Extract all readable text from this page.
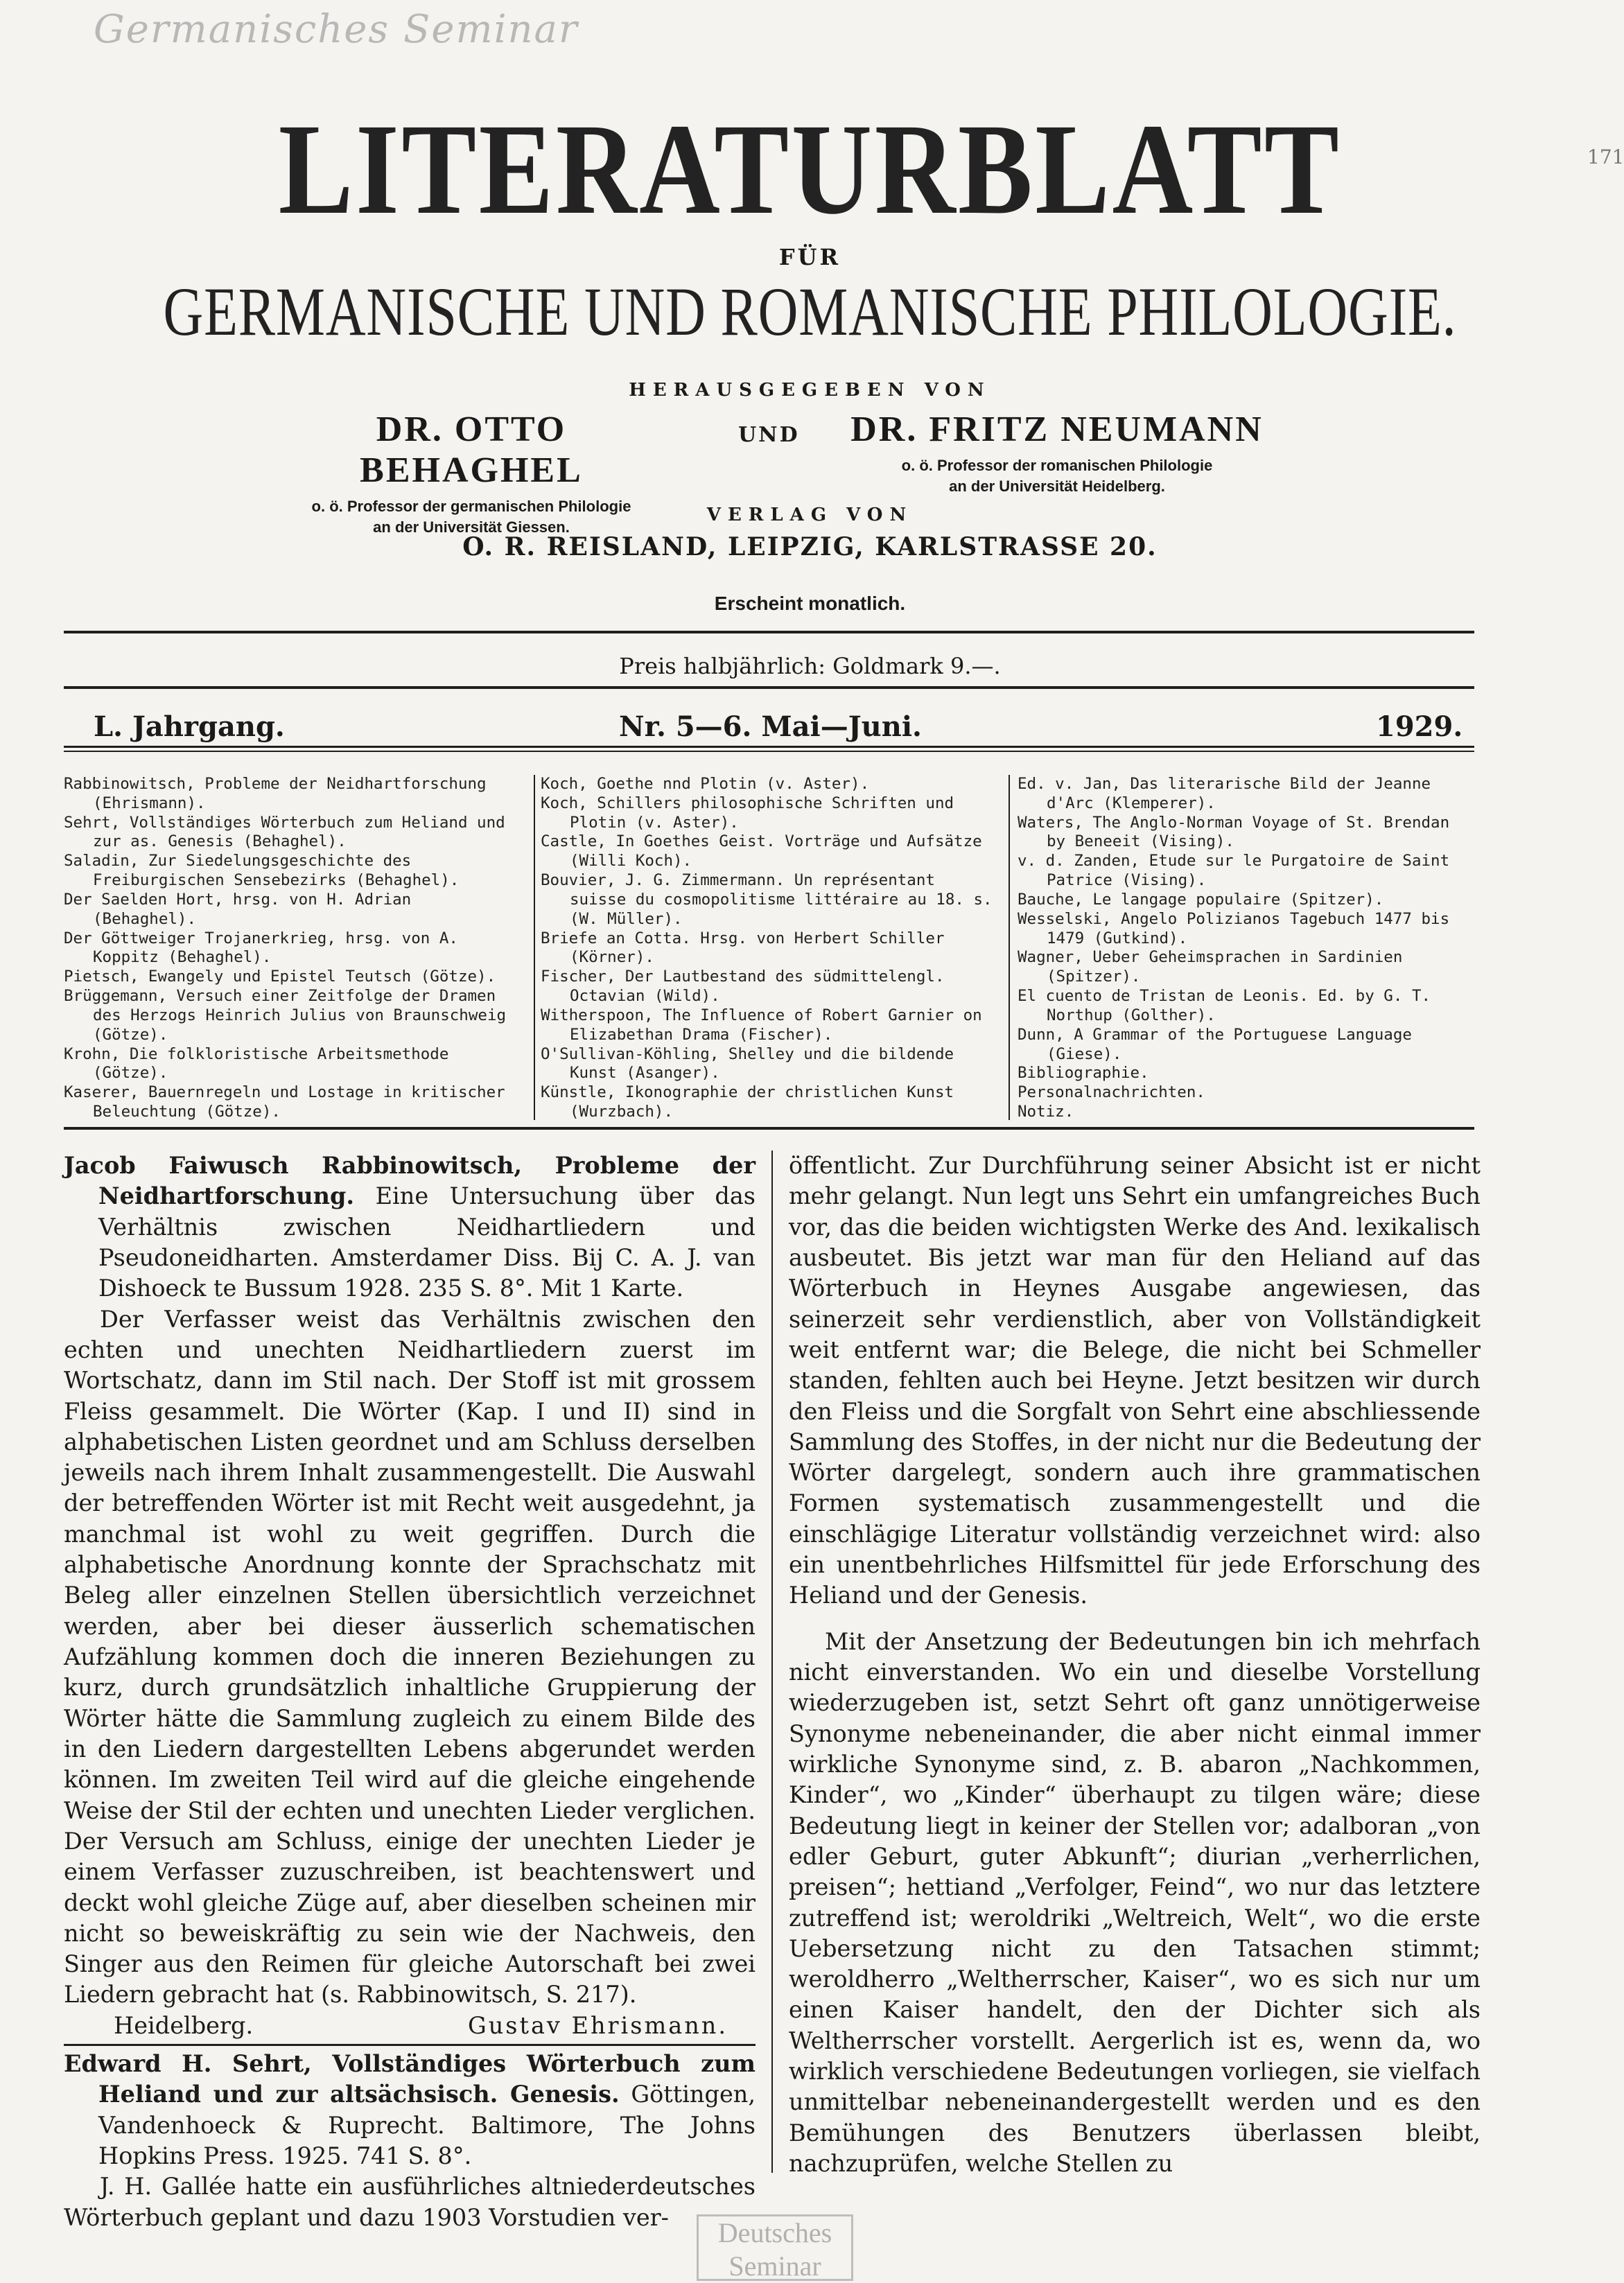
Germanisches Seminar
171
LITERATURBLATT
FÜR
GERMANISCHE UND ROMANISCHE PHILOLOGIE.
HERAUSGEGEBEN VON
DR. OTTO BEHAGHEL
o. ö. Professor der germanischen Philologie
an der Universität Giessen.
UND DR. FRITZ NEUMANN
o. ö. Professor der romanischen Philologie
an der Universität Heidelberg.
VERLAG VON
O. R. REISLAND, LEIPZIG, KARLSTRASSE 20.
Erscheint monatlich.
Preis halbjährlich: Goldmark 9.—.
L. Jahrgang.	Nr. 5—6. Mai—Juni.	1929.

Rabbinowitsch, Probleme der Neidhartforschung (Ehrismann).

Sehrt, Vollständiges Wörterbuch zum Heliand und zur as. Genesis (Behaghel).

Saladin, Zur Siedelungsgeschichte des Freiburgischen Sensebezirks (Behaghel).

Der Saelden Hort, hrsg. von H. Adrian (Behaghel).

Der Göttweiger Trojanerkrieg, hrsg. von A. Koppitz (Behaghel).

Pietsch, Ewangely und Epistel Teutsch (Götze).

Brüggemann, Versuch einer Zeitfolge der Dramen des Herzogs Heinrich Julius von Braunschweig (Götze).

Krohn, Die folkloristische Arbeitsmethode (Götze).

Kaserer, Bauernregeln und Lostage in kritischer Beleuchtung (Götze).

Koch, Goethe nnd Plotin (v. Aster).

Koch, Schillers philosophische Schriften und Plotin (v. Aster).

Castle, In Goethes Geist. Vorträge und Aufsätze (Willi Koch).

Bouvier, J. G. Zimmermann. Un représentant suisse du cosmopolitisme littéraire au 18. s. (W. Müller).

Briefe an Cotta. Hrsg. von Herbert Schiller (Körner).

Fischer, Der Lautbestand des südmittelengl. Octavian (Wild).

Witherspoon, The Influence of Robert Garnier on Elizabethan Drama (Fischer).

O'Sullivan-Köhling, Shelley und die bildende Kunst (Asanger).

Künstle, Ikonographie der christlichen Kunst (Wurzbach).

Ed. v. Jan, Das literarische Bild der Jeanne d'Arc (Klemperer).

Waters, The Anglo-Norman Voyage of St. Brendan by Beneeit (Vising).

v. d. Zanden, Etude sur le Purgatoire de Saint Patrice (Vising).

Bauche, Le langage populaire (Spitzer).

Wesselski, Angelo Polizianos Tagebuch 1477 bis 1479 (Gutkind).

Wagner, Ueber Geheimsprachen in Sardinien (Spitzer).

El cuento de Tristan de Leonis. Ed. by G. T. Northup (Golther).

Dunn, A Grammar of the Portuguese Language (Giese).

Bibliographie.

Personalnachrichten.

Notiz.

Jacob Faiwusch Rabbinowitsch, Probleme der Neidhartforschung. Eine Untersuchung über das Verhältnis zwischen Neidhartliedern und Pseudoneidharten. Amsterdamer Diss. Bij C. A. J. van Dishoeck te Bussum 1928. 235 S. 8°. Mit 1 Karte.

Der Verfasser weist das Verhältnis zwischen den echten und unechten Neidhartliedern zuerst im Wortschatz, dann im Stil nach. Der Stoff ist mit grossem Fleiss gesammelt. Die Wörter (Kap. I und II) sind in alphabetischen Listen geordnet und am Schluss derselben jeweils nach ihrem Inhalt zusammengestellt. Die Auswahl der betreffenden Wörter ist mit Recht weit ausgedehnt, ja manchmal ist wohl zu weit gegriffen. Durch die alphabetische Anordnung konnte der Sprachschatz mit Beleg aller einzelnen Stellen übersichtlich verzeichnet werden, aber bei dieser äusserlich schematischen Aufzählung kommen doch die inneren Beziehungen zu kurz, durch grundsätzlich inhaltliche Gruppierung der Wörter hätte die Sammlung zugleich zu einem Bilde des in den Liedern dargestellten Lebens abgerundet werden können. Im zweiten Teil wird auf die gleiche eingehende Weise der Stil der echten und unechten Lieder verglichen. Der Versuch am Schluss, einige der unechten Lieder je einem Verfasser zuzuschreiben, ist beachtenswert und deckt wohl gleiche Züge auf, aber dieselben scheinen mir nicht so beweiskräftig zu sein wie der Nachweis, den Singer aus den Reimen für gleiche Autorschaft bei zwei Liedern gebracht hat (s. Rabbinowitsch, S. 217).

Heidelberg.	Gustav Ehrismann.

Edward H. Sehrt, Vollständiges Wörterbuch zum Heliand und zur altsächsisch. Genesis. Göttingen, Vandenhoeck & Ruprecht. Baltimore, The Johns Hopkins Press. 1925. 741 S. 8°.

J. H. Gallée hatte ein ausführliches altniederdeutsches Wörterbuch geplant und dazu 1903 Vorstudien ver-

öffentlicht. Zur Durchführung seiner Absicht ist er nicht mehr gelangt. Nun legt uns Sehrt ein umfangreiches Buch vor, das die beiden wichtigsten Werke des And. lexikalisch ausbeutet. Bis jetzt war man für den Heliand auf das Wörterbuch in Heynes Ausgabe angewiesen, das seinerzeit sehr verdienstlich, aber von Vollständigkeit weit entfernt war; die Belege, die nicht bei Schmeller standen, fehlten auch bei Heyne. Jetzt besitzen wir durch den Fleiss und die Sorgfalt von Sehrt eine abschliessende Sammlung des Stoffes, in der nicht nur die Bedeutung der Wörter dargelegt, sondern auch ihre grammatischen Formen systematisch zusammengestellt und die einschlägige Literatur vollständig verzeichnet wird: also ein unentbehrliches Hilfsmittel für jede Erforschung des Heliand und der Genesis.

Mit der Ansetzung der Bedeutungen bin ich mehrfach nicht einverstanden. Wo ein und dieselbe Vorstellung wiederzugeben ist, setzt Sehrt oft ganz unnötigerweise Synonyme nebeneinander, die aber nicht einmal immer wirkliche Synonyme sind, z. B. abaron „Nachkommen, Kinder“, wo „Kinder“ überhaupt zu tilgen wäre; diese Bedeutung liegt in keiner der Stellen vor; adalboran „von edler Geburt, guter Abkunft“; diurian „verherrlichen, preisen“; hettiand „Verfolger, Feind“, wo nur das letztere zutreffend ist; weroldriki „Weltreich, Welt“, wo die erste Uebersetzung nicht zu den Tatsachen stimmt; weroldherro „Weltherrscher, Kaiser“, wo es sich nur um einen Kaiser handelt, den der Dichter sich als Weltherrscher vorstellt. Aergerlich ist es, wenn da, wo wirklich verschiedene Bedeutungen vorliegen, sie vielfach unmittelbar nebeneinandergestellt werden und es den Bemühungen des Benutzers überlassen bleibt, nachzuprüfen, welche Stellen zu

Deutsches Seminar
